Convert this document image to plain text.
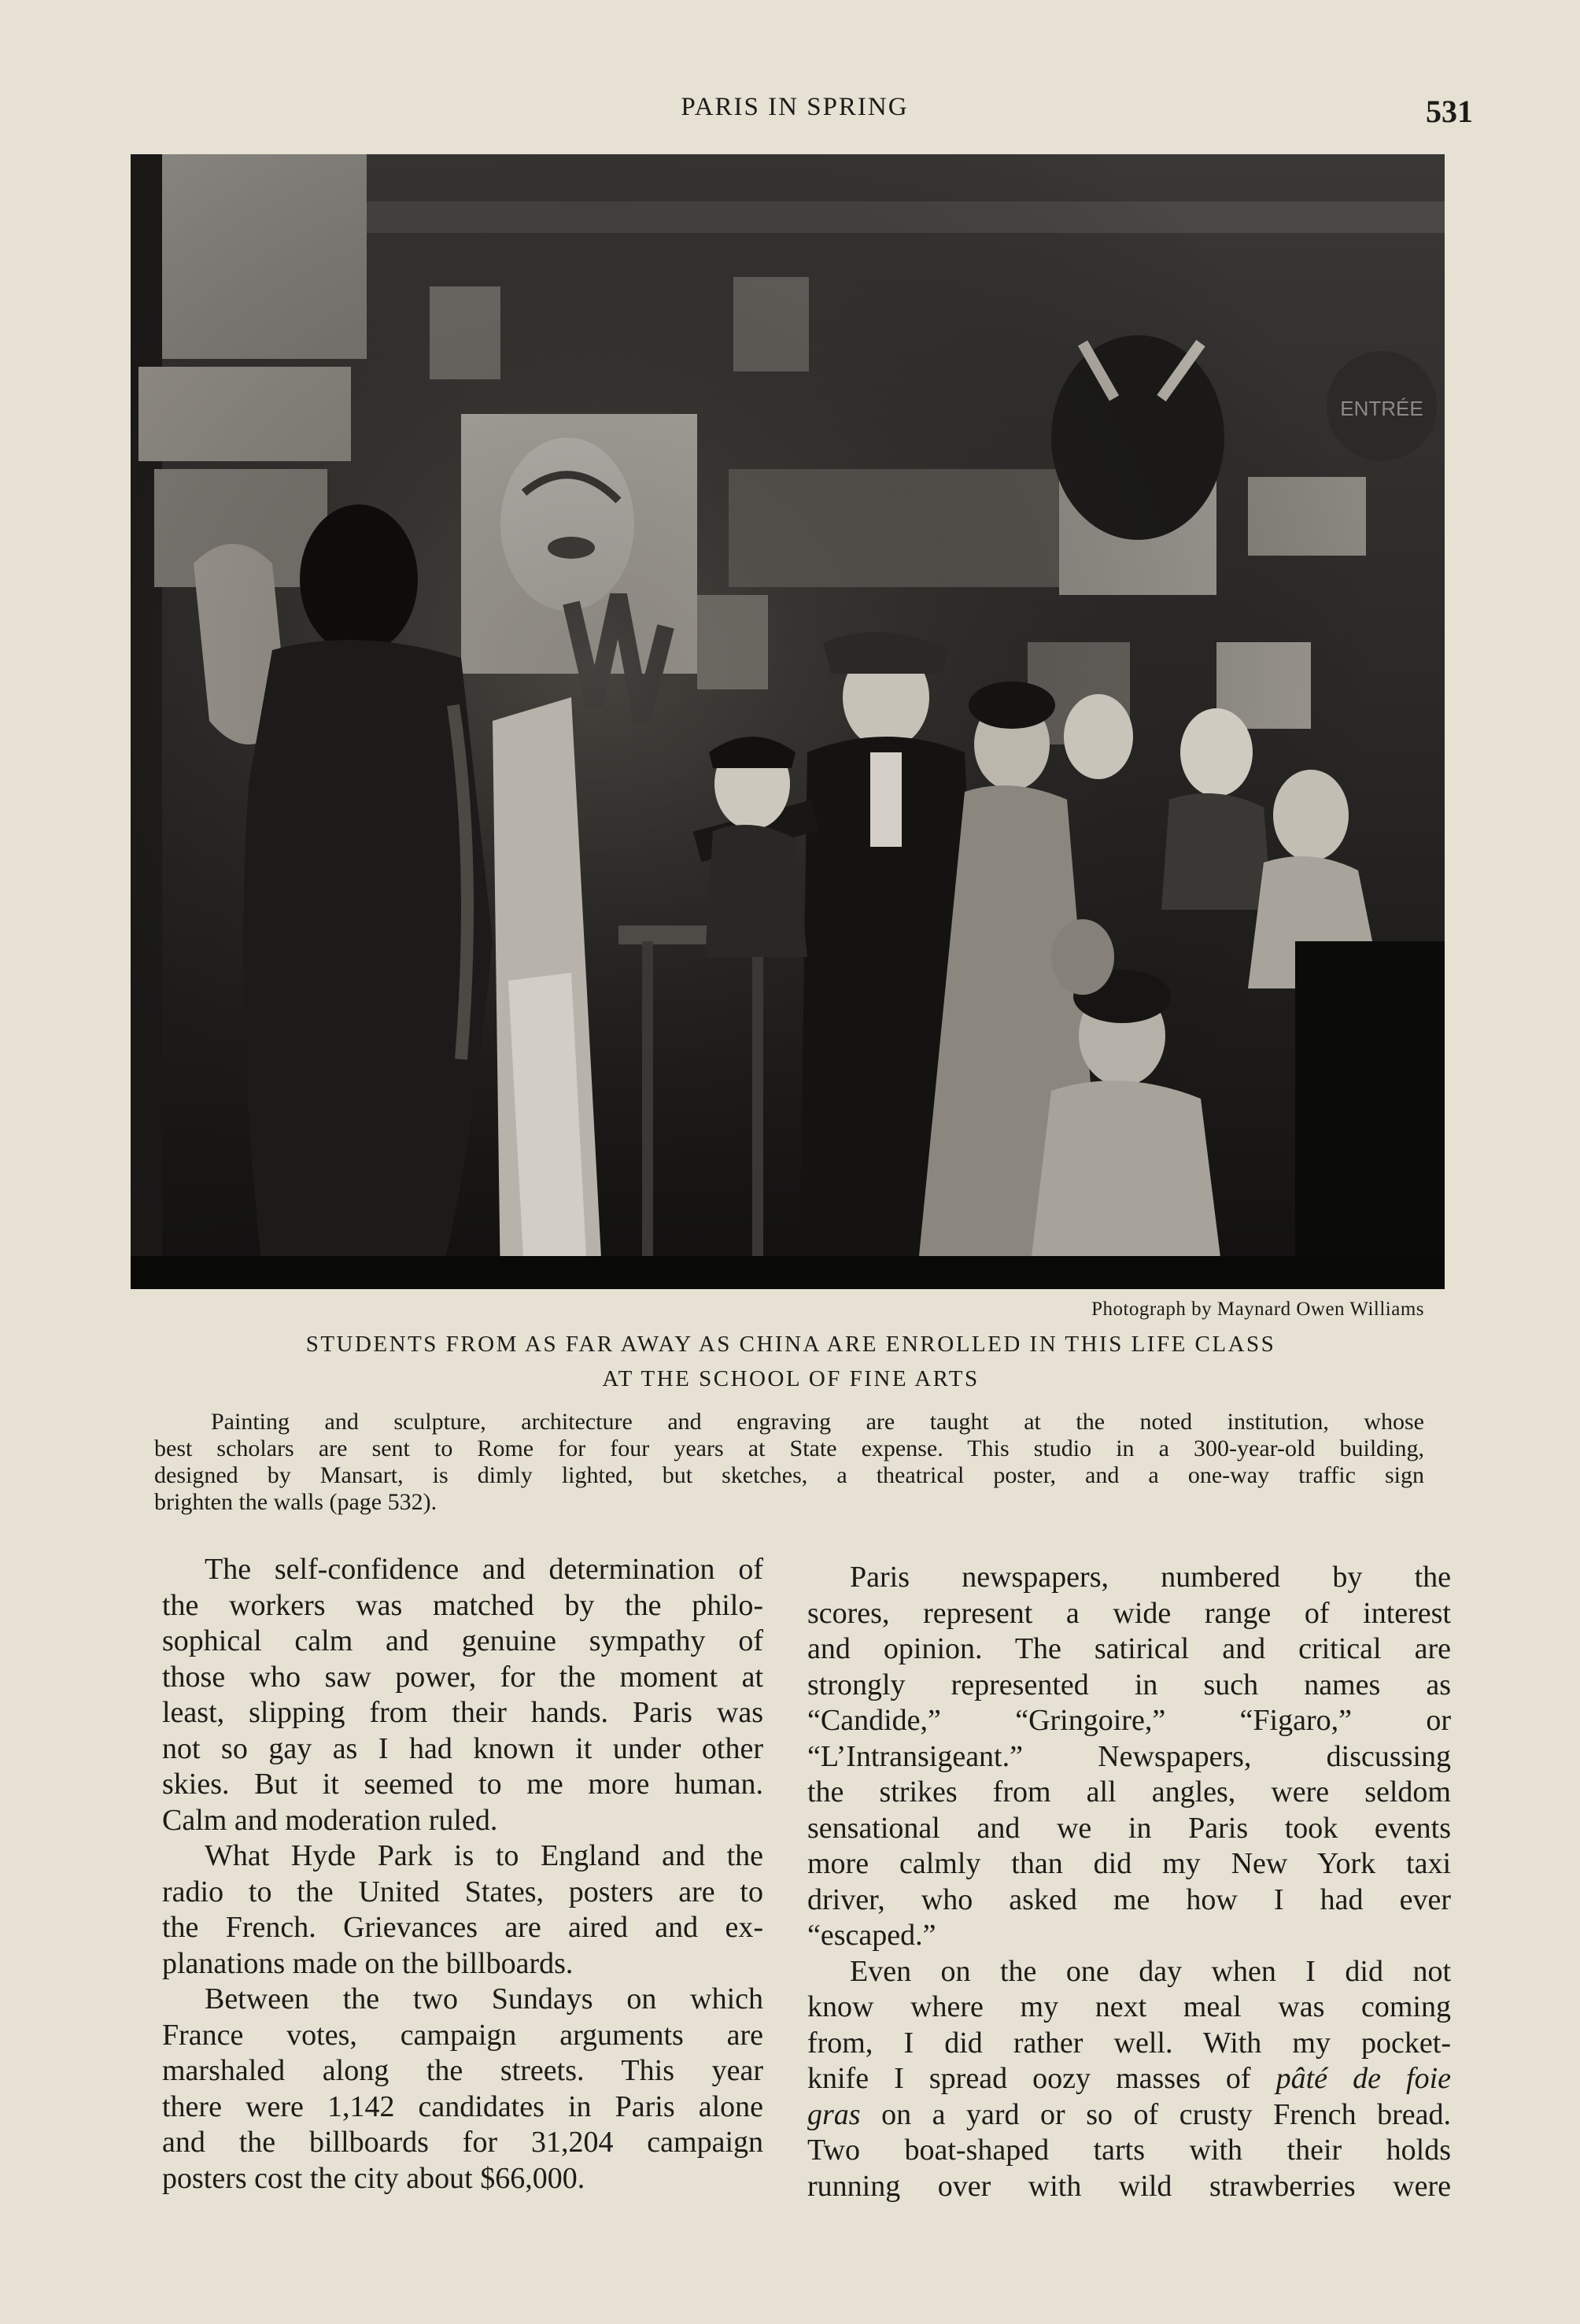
PARIS IN SPRING	531
Photograph by Maynard Owen Williams
STUDENTS FROM AS FAR AWAY AS CHINA ARE ENROLLED IN THIS LIFE CLASS
AT THE SCHOOL OF FINE ARTS
Painting and sculpture, architecture and engraving are taught at the noted institution, whose
best scholars are sent to Rome for four years at State expense. This studio in a 300-year-old building,
designed by Mansart, is dimly lighted, but sketches, a theatrical poster, and a one-way traffic sign
brighten the walls (page 532).
The self-confidence and determination of
the workers was matched by the philo-
sophical calm and genuine sympathy of
those who saw power, for the moment at
least, slipping from their hands. Paris was
not so gay as I had known it under other
skies. But it seemed to me more human.
Calm and moderation ruled.
What Hyde Park is to England and the
radio to the United States, posters are to
the French. Grievances are aired and ex-
planations made on the billboards.
Between the two Sundays on which
France votes, campaign arguments are
marshaled along the streets. This year
there were 1,142 candidates in Paris alone
and the billboards for 31,204 campaign
posters cost the city about $66,000.
Paris newspapers, numbered by the
scores, represent a wide range of interest
and opinion. The satirical and critical are
strongly represented in such names as
“Candide,” “Gringoire,” “Figaro,” or
“L’Intransigeant.” Newspapers, discussing
the strikes from all angles, were seldom
sensational and we in Paris took events
more calmly than did my New York taxi
driver, who asked me how I had ever
“escaped.”
Even on the one day when I did not
know where my next meal was coming
from, I did rather well. With my pocket-
knife I spread oozy masses of pâté de foie
gras on a yard or so of crusty French bread.
Two boat-shaped tarts with their holds
running over with wild strawberries were
